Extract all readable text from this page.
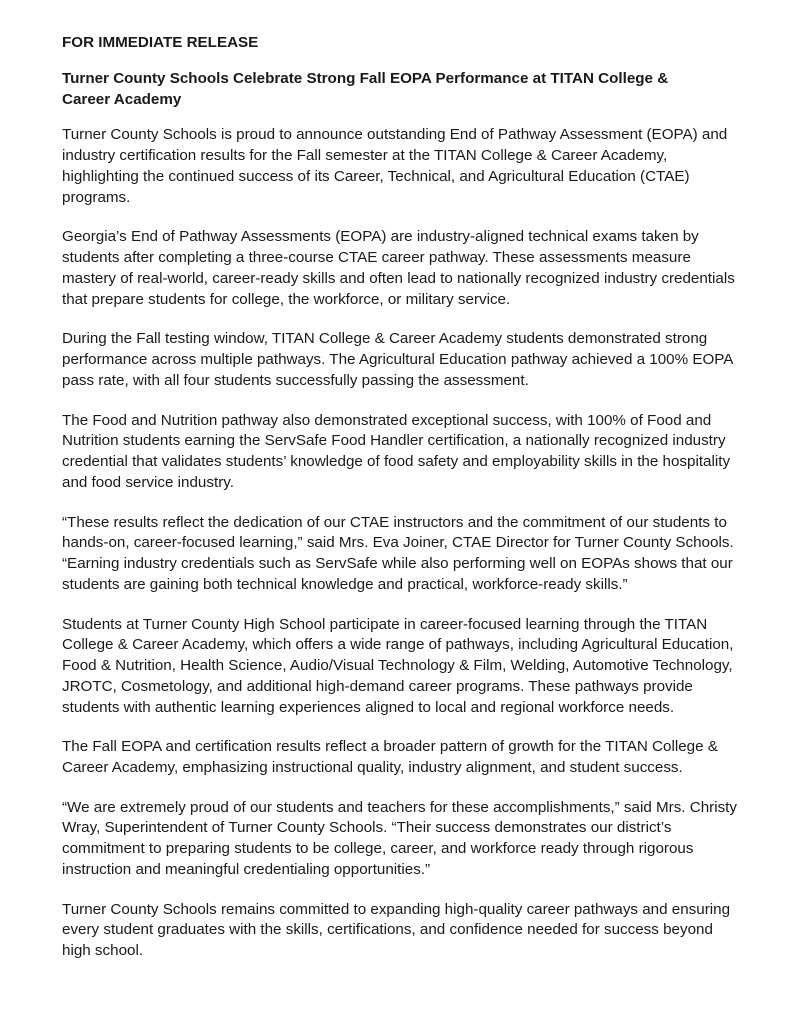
FOR IMMEDIATE RELEASE
Turner County Schools Celebrate Strong Fall EOPA Performance at TITAN College & Career Academy
Turner County Schools is proud to announce outstanding End of Pathway Assessment (EOPA) and industry certification results for the Fall semester at the TITAN College & Career Academy, highlighting the continued success of its Career, Technical, and Agricultural Education (CTAE) programs.
Georgia’s End of Pathway Assessments (EOPA) are industry-aligned technical exams taken by students after completing a three-course CTAE career pathway. These assessments measure mastery of real-world, career-ready skills and often lead to nationally recognized industry credentials that prepare students for college, the workforce, or military service.
During the Fall testing window, TITAN College & Career Academy students demonstrated strong performance across multiple pathways. The Agricultural Education pathway achieved a 100% EOPA pass rate, with all four students successfully passing the assessment.
The Food and Nutrition pathway also demonstrated exceptional success, with 100% of Food and Nutrition students earning the ServSafe Food Handler certification, a nationally recognized industry credential that validates students’ knowledge of food safety and employability skills in the hospitality and food service industry.
“These results reflect the dedication of our CTAE instructors and the commitment of our students to hands-on, career-focused learning,” said Mrs. Eva Joiner, CTAE Director for Turner County Schools. “Earning industry credentials such as ServSafe while also performing well on EOPAs shows that our students are gaining both technical knowledge and practical, workforce-ready skills.”
Students at Turner County High School participate in career-focused learning through the TITAN College & Career Academy, which offers a wide range of pathways, including Agricultural Education, Food & Nutrition, Health Science, Audio/Visual Technology & Film, Welding, Automotive Technology, JROTC, Cosmetology, and additional high-demand career programs. These pathways provide students with authentic learning experiences aligned to local and regional workforce needs.
The Fall EOPA and certification results reflect a broader pattern of growth for the TITAN College & Career Academy, emphasizing instructional quality, industry alignment, and student success.
“We are extremely proud of our students and teachers for these accomplishments,” said Mrs. Christy Wray, Superintendent of Turner County Schools. “Their success demonstrates our district’s commitment to preparing students to be college, career, and workforce ready through rigorous instruction and meaningful credentialing opportunities.”
Turner County Schools remains committed to expanding high-quality career pathways and ensuring every student graduates with the skills, certifications, and confidence needed for success beyond high school.
